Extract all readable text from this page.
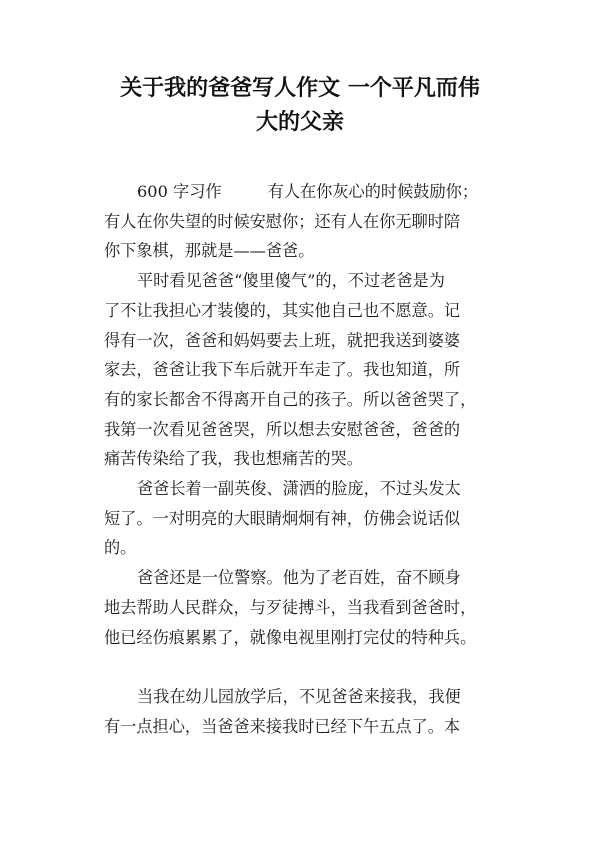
关于我的爸爸写人作文 一个平凡而伟
大的父亲
600 字习作	有人在你灰心的时候鼓励你；
有人在你失望的时候安慰你；还有人在你无聊时陪
你下象棋，那就是——爸爸。
平时看见爸爸“傻里傻气”的，不过老爸是为
了不让我担心才装傻的，其实他自己也不愿意。记
得有一次，爸爸和妈妈要去上班，就把我送到婆婆
家去，爸爸让我下车后就开车走了。我也知道，所
有的家长都舍不得离开自己的孩子。所以爸爸哭了，
我第一次看见爸爸哭，所以想去安慰爸爸，爸爸的
痛苦传染给了我，我也想痛苦的哭。
爸爸长着一副英俊、潇洒的脸庞，不过头发太
短了。一对明亮的大眼睛炯炯有神，仿佛会说话似
的。
爸爸还是一位警察。他为了老百姓，奋不顾身
地去帮助人民群众，与歹徒搏斗，当我看到爸爸时，
他已经伤痕累累了，就像电视里刚打完仗的特种兵。
当我在幼儿园放学后，不见爸爸来接我，我便
有一点担心，当爸爸来接我时已经下午五点了。本
